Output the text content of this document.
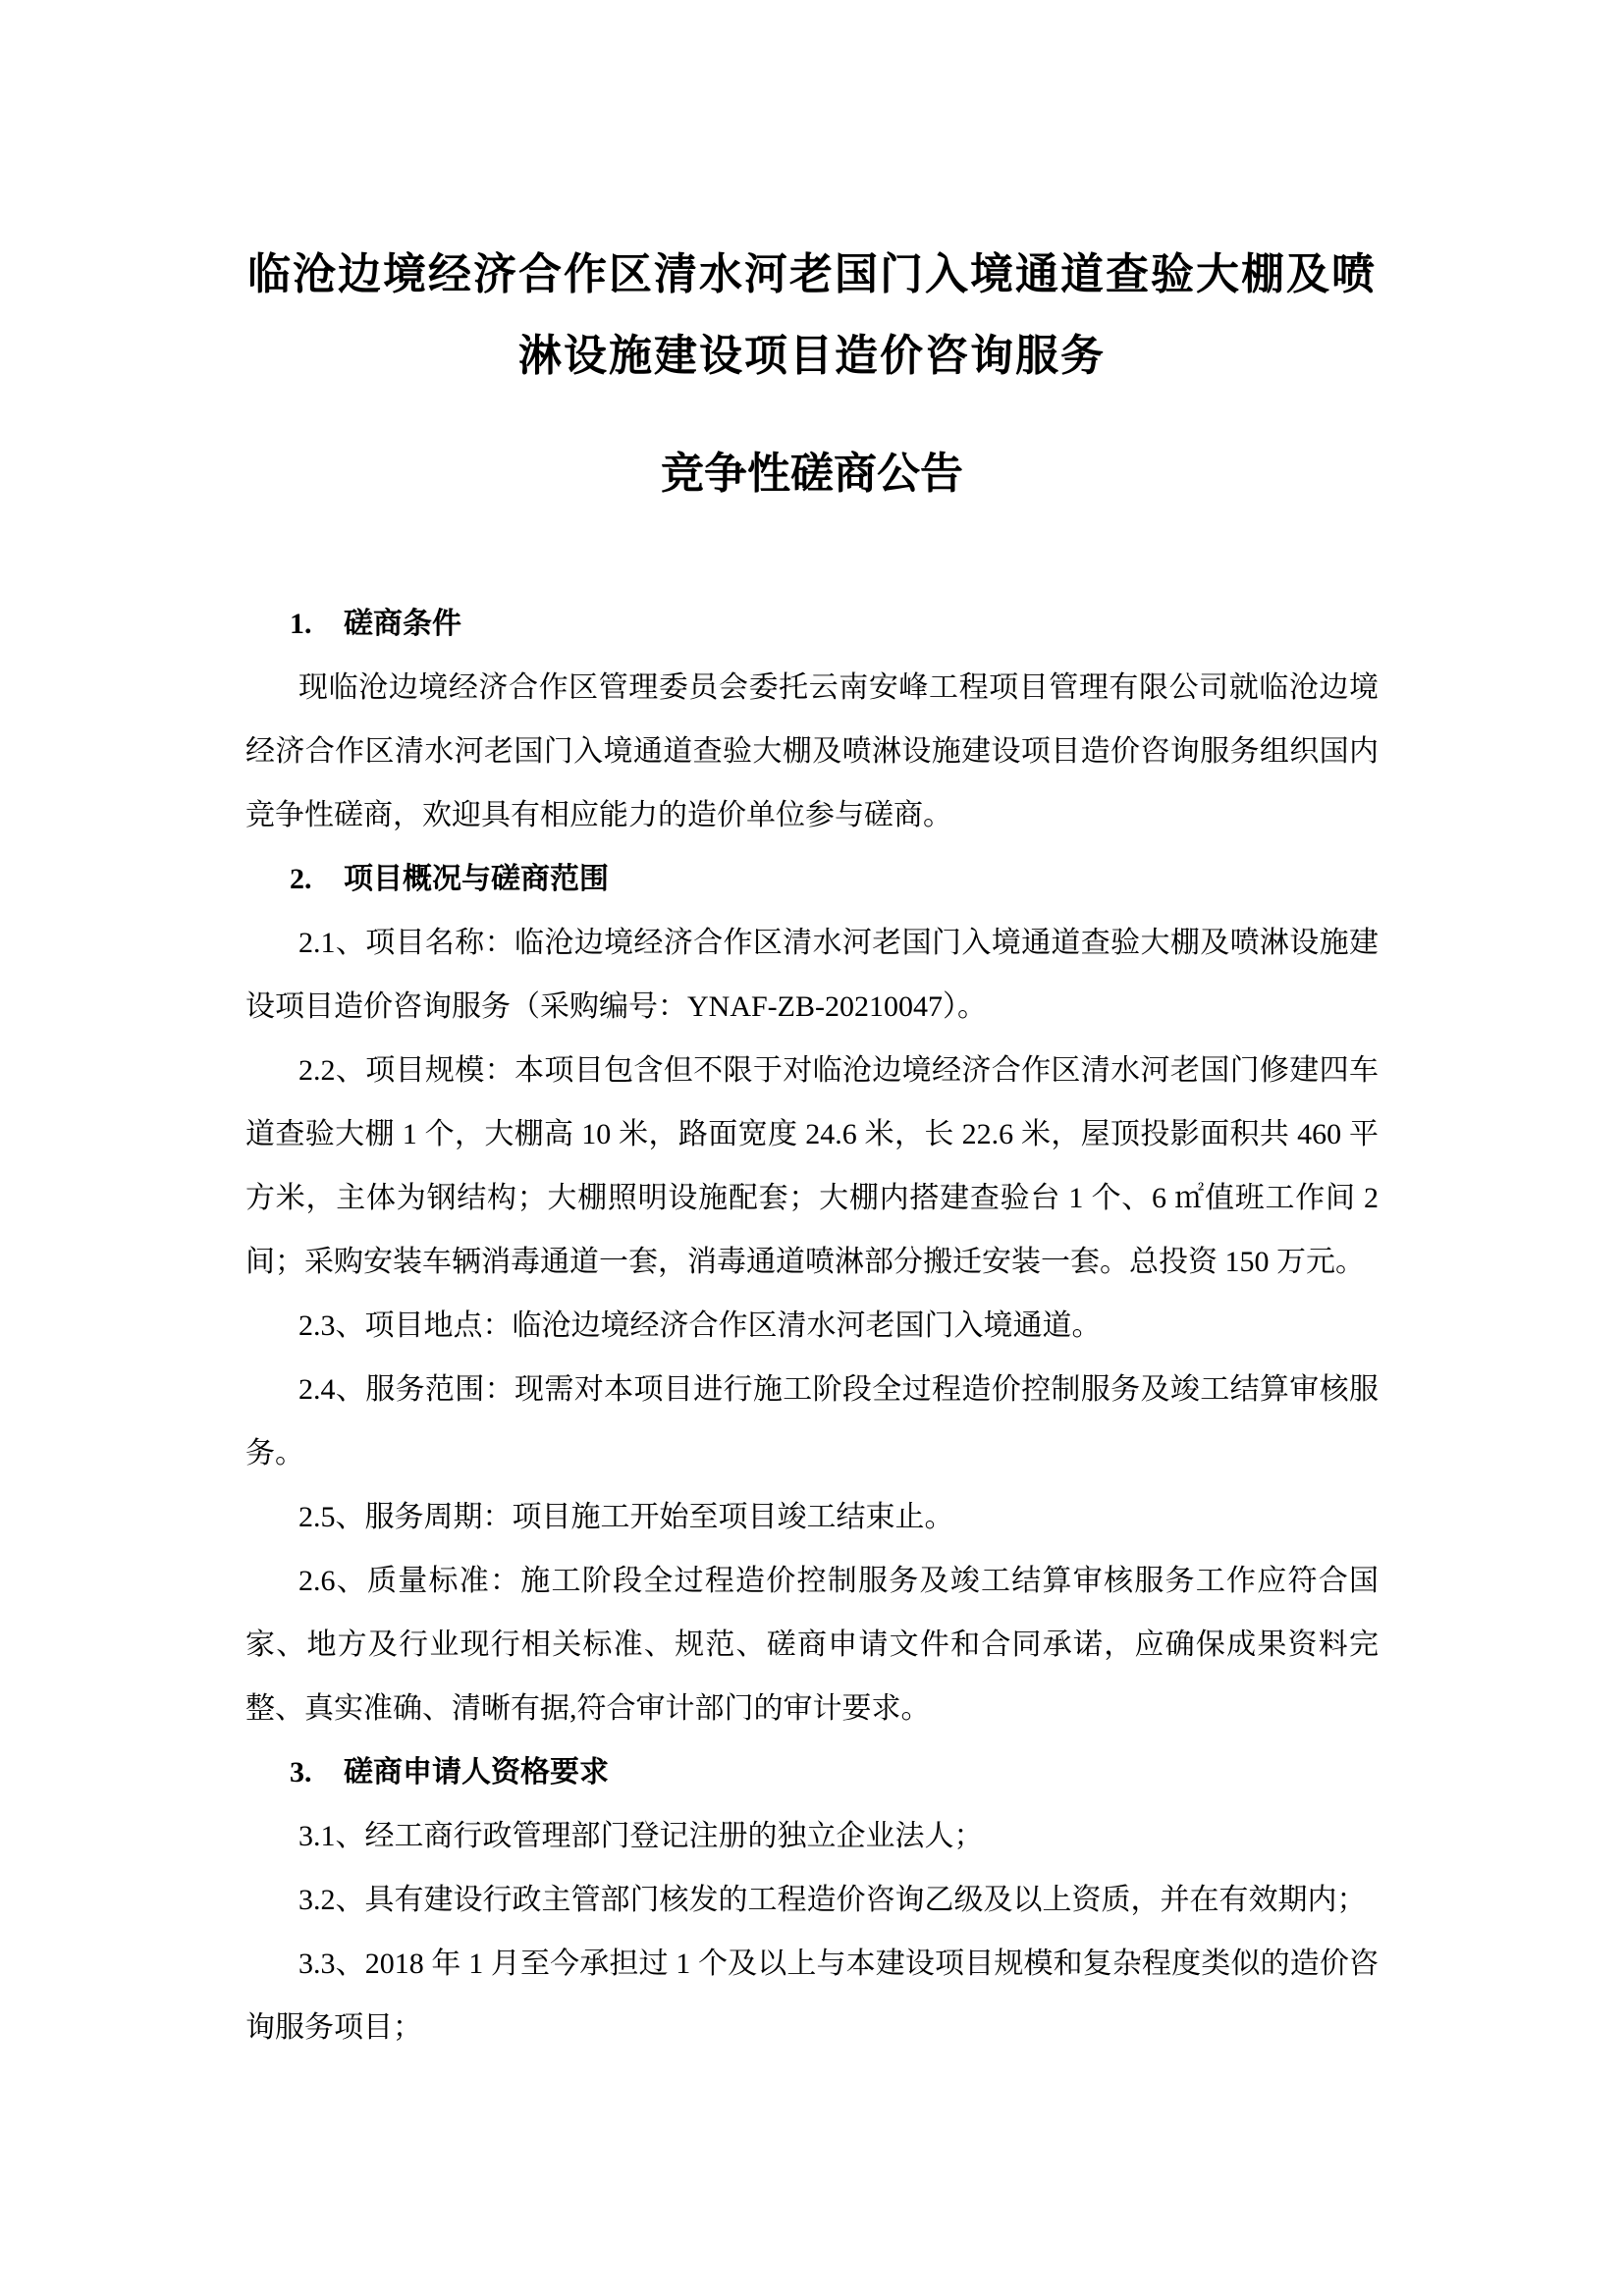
临沧边境经济合作区清水河老国门入境通道查验大棚及喷
淋设施建设项目造价咨询服务
竞争性磋商公告
1. 磋商条件

现临沧边境经济合作区管理委员会委托云南安峰工程项目管理有限公司就临沧边境经济合作区清水河老国门入境通道查验大棚及喷淋设施建设项目造价咨询服务组织国内竞争性磋商，欢迎具有相应能力的造价单位参与磋商。

2. 项目概况与磋商范围

2.1、项目名称：临沧边境经济合作区清水河老国门入境通道查验大棚及喷淋设施建设项目造价咨询服务（采购编号：YNAF-ZB-20210047）。

2.2、项目规模：本项目包含但不限于对临沧边境经济合作区清水河老国门修建四车道查验大棚 1 个，大棚高 10 米，路面宽度 24.6 米，长 22.6 米，屋顶投影面积共 460 平方米，主体为钢结构；大棚照明设施配套；大棚内搭建查验台 1 个、6 ㎡值班工作间 2 间；采购安装车辆消毒通道一套，消毒通道喷淋部分搬迁安装一套。总投资 150 万元。

2.3、项目地点：临沧边境经济合作区清水河老国门入境通道。

2.4、服务范围：现需对本项目进行施工阶段全过程造价控制服务及竣工结算审核服务。

2.5、服务周期：项目施工开始至项目竣工结束止。

2.6、质量标准：施工阶段全过程造价控制服务及竣工结算审核服务工作应符合国家、地方及行业现行相关标准、规范、磋商申请文件和合同承诺，应确保成果资料完整、真实准确、清晰有据,符合审计部门的审计要求。

3. 磋商申请人资格要求

3.1、经工商行政管理部门登记注册的独立企业法人；

3.2、具有建设行政主管部门核发的工程造价咨询乙级及以上资质，并在有效期内；

3.3、2018 年 1 月至今承担过 1 个及以上与本建设项目规模和复杂程度类似的造价咨询服务项目；
